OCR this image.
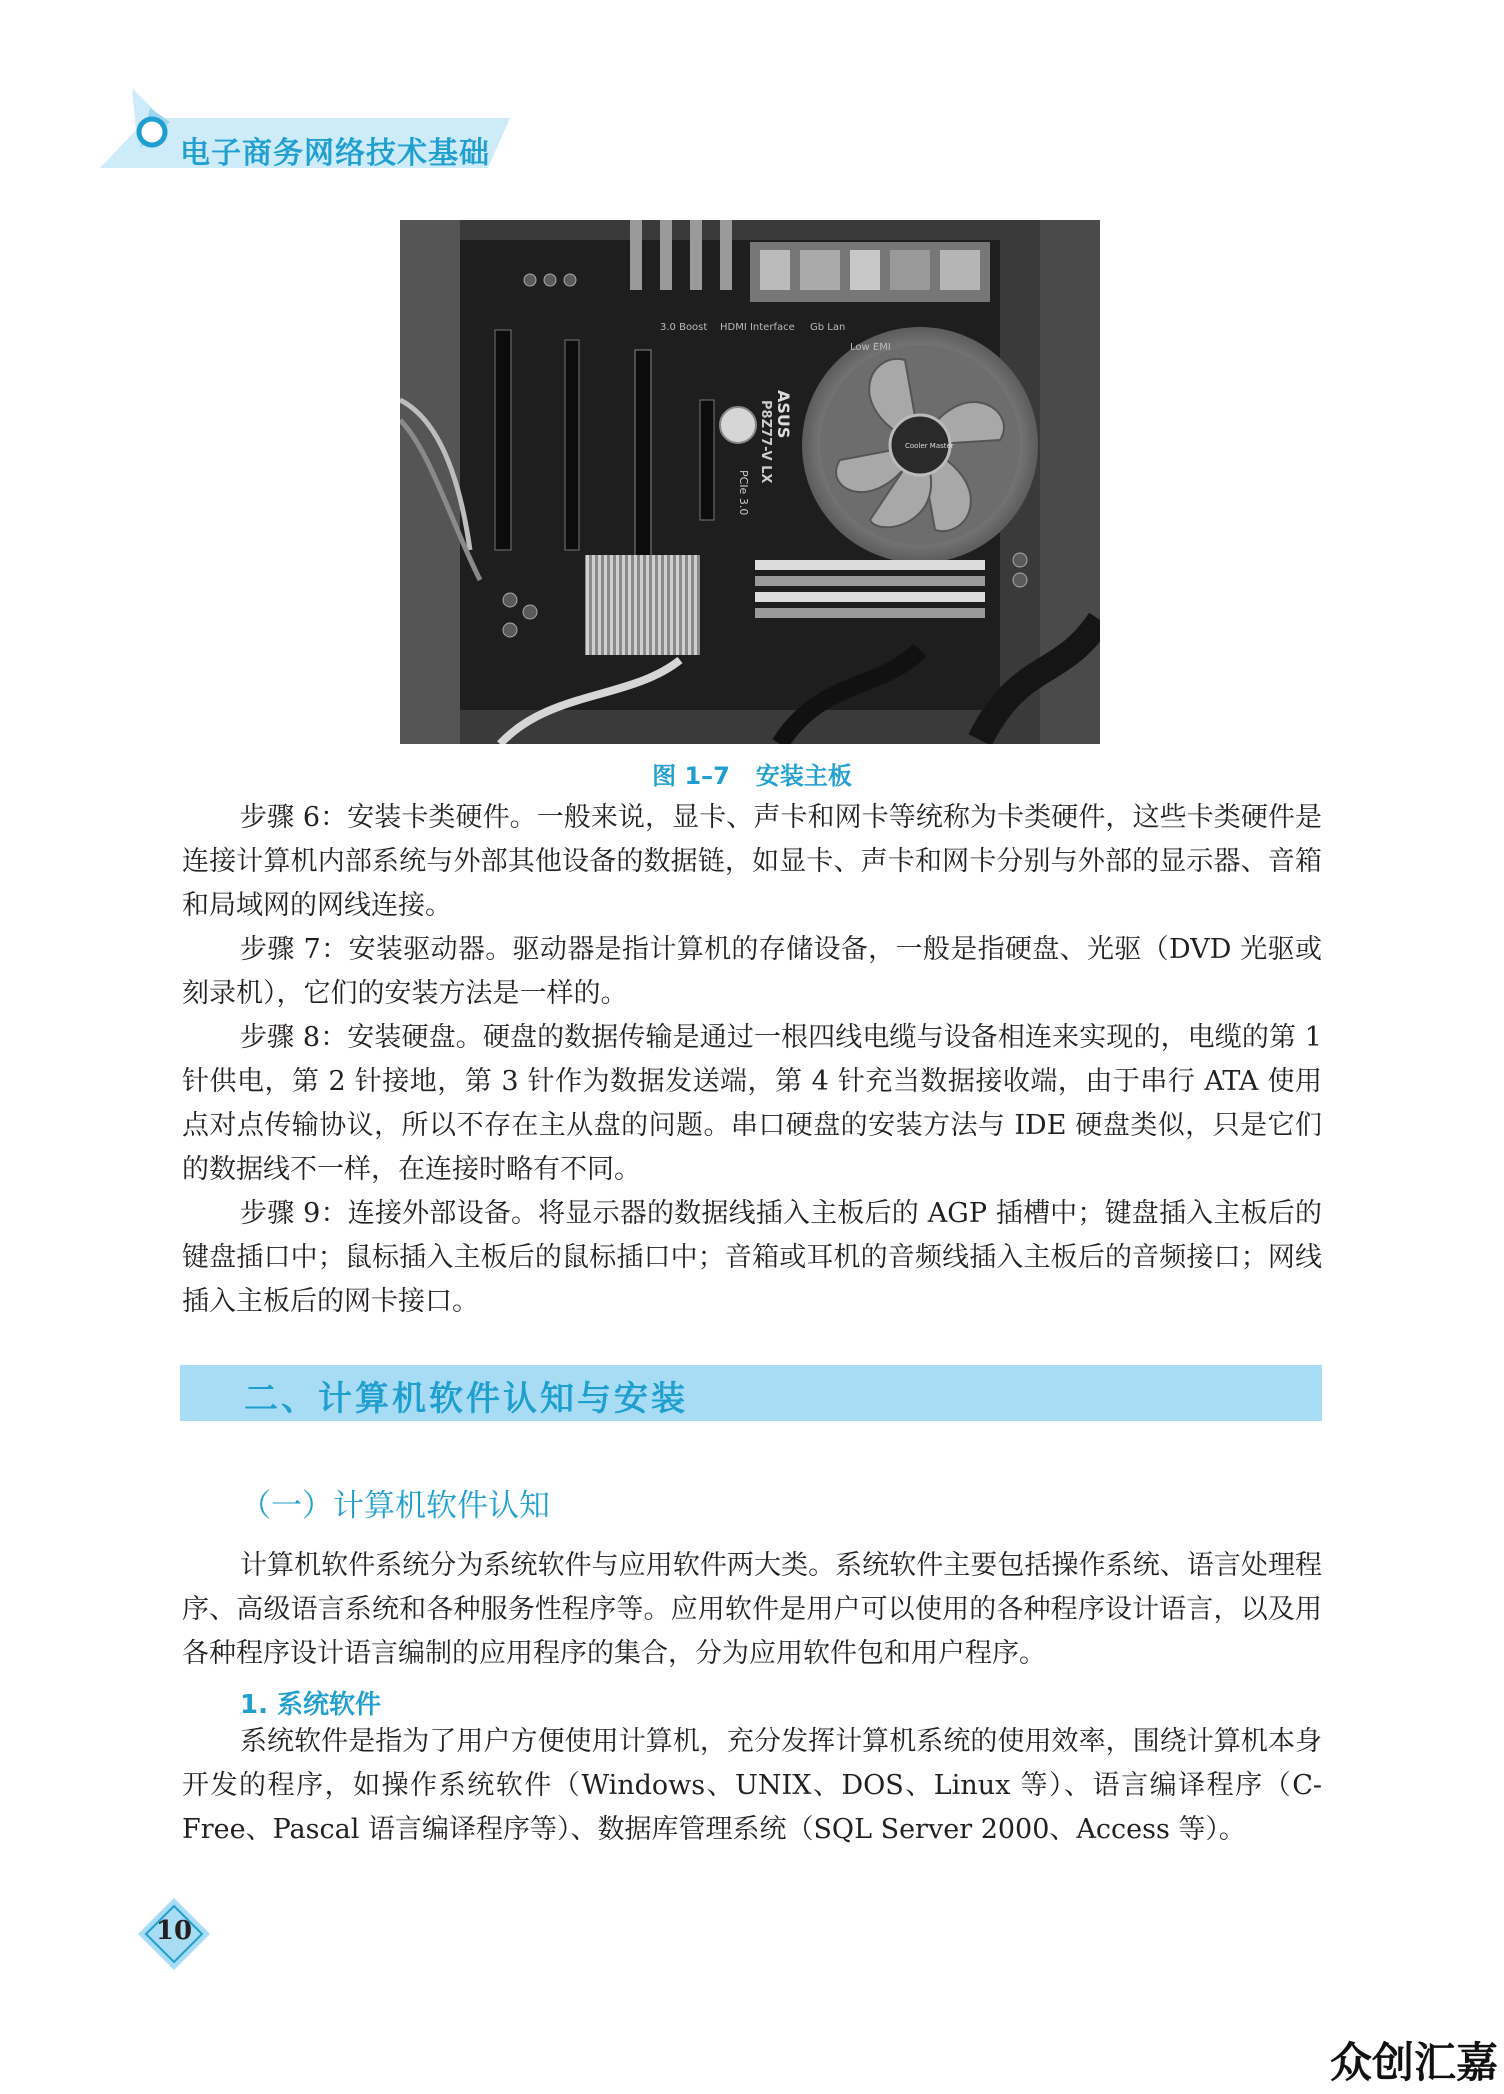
电子商务网络技术基础
3.0 Boost HDMI Interface Gb Lan
Low EMI
P8Z77-V LX
PCIe 3.0
ASUS
Cooler Master
图 1–7 安装主板

步骤 6：安装卡类硬件。一般来说，显卡、声卡和网卡等统称为卡类硬件，这些卡类硬件是连接计算机内部系统与外部其他设备的数据链，如显卡、声卡和网卡分别与外部的显示器、音箱和局域网的网线连接。

步骤 7：安装驱动器。驱动器是指计算机的存储设备，一般是指硬盘、光驱（DVD 光驱或刻录机），它们的安装方法是一样的。

步骤 8：安装硬盘。硬盘的数据传输是通过一根四线电缆与设备相连来实现的，电缆的第 1 针供电，第 2 针接地，第 3 针作为数据发送端，第 4 针充当数据接收端，由于串行 ATA 使用点对点传输协议，所以不存在主从盘的问题。串口硬盘的安装方法与 IDE 硬盘类似，只是它们的数据线不一样，在连接时略有不同。

步骤 9：连接外部设备。将显示器的数据线插入主板后的 AGP 插槽中；键盘插入主板后的键盘插口中；鼠标插入主板后的鼠标插口中；音箱或耳机的音频线插入主板后的音频接口；网线插入主板后的网卡接口。

二、计算机软件认知与安装
（一）计算机软件认知

计算机软件系统分为系统软件与应用软件两大类。系统软件主要包括操作系统、语言处理程序、高级语言系统和各种服务性程序等。应用软件是用户可以使用的各种程序设计语言，以及用各种程序设计语言编制的应用程序的集合，分为应用软件包和用户程序。

1. 系统软件

系统软件是指为了用户方便使用计算机，充分发挥计算机系统的使用效率，围绕计算机本身开发的程序，如操作系统软件（Windows、UNIX、DOS、Linux 等）、语言编译程序（C-Free、Pascal 语言编译程序等）、数据库管理系统（SQL Server 2000、Access 等）。

10
众创汇嘉
